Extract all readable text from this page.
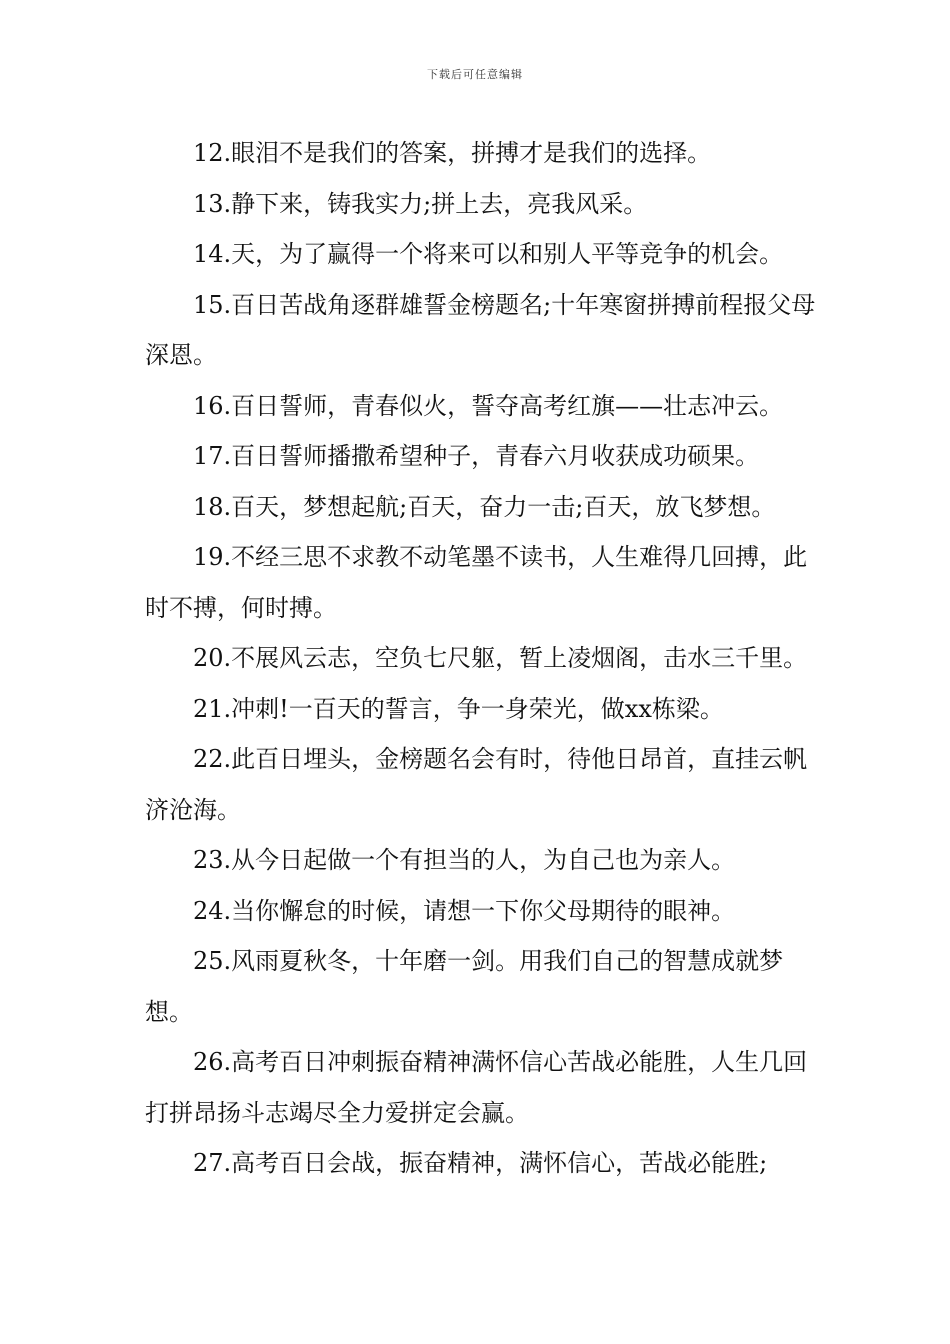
下载后可任意编辑

12.眼泪不是我们的答案，拼搏才是我们的选择。

13.静下来，铸我实力;拼上去，亮我风采。

14.天，为了赢得一个将来可以和别人平等竞争的机会。

15.百日苦战角逐群雄誓金榜题名;十年寒窗拼搏前程报父母深恩。

16.百日誓师，青春似火，誓夺高考红旗——壮志冲云。

17.百日誓师播撒希望种子，青春六月收获成功硕果。

18.百天，梦想起航;百天，奋力一击;百天，放飞梦想。

19.不经三思不求教不动笔墨不读书，人生难得几回搏，此时不搏，何时搏。

20.不展风云志，空负七尺躯，暂上凌烟阁，击水三千里。

21.冲刺!一百天的誓言，争一身荣光，做xx栋梁。

22.此百日埋头，金榜题名会有时，待他日昂首，直挂云帆济沧海。

23.从今日起做一个有担当的人，为自己也为亲人。

24.当你懈怠的时候，请想一下你父母期待的眼神。

25.风雨夏秋冬，十年磨一剑。用我们自己的智慧成就梦想。

26.高考百日冲刺振奋精神满怀信心苦战必能胜，人生几回打拼昂扬斗志竭尽全力爱拼定会赢。

27.高考百日会战，振奋精神，满怀信心，苦战必能胜;
